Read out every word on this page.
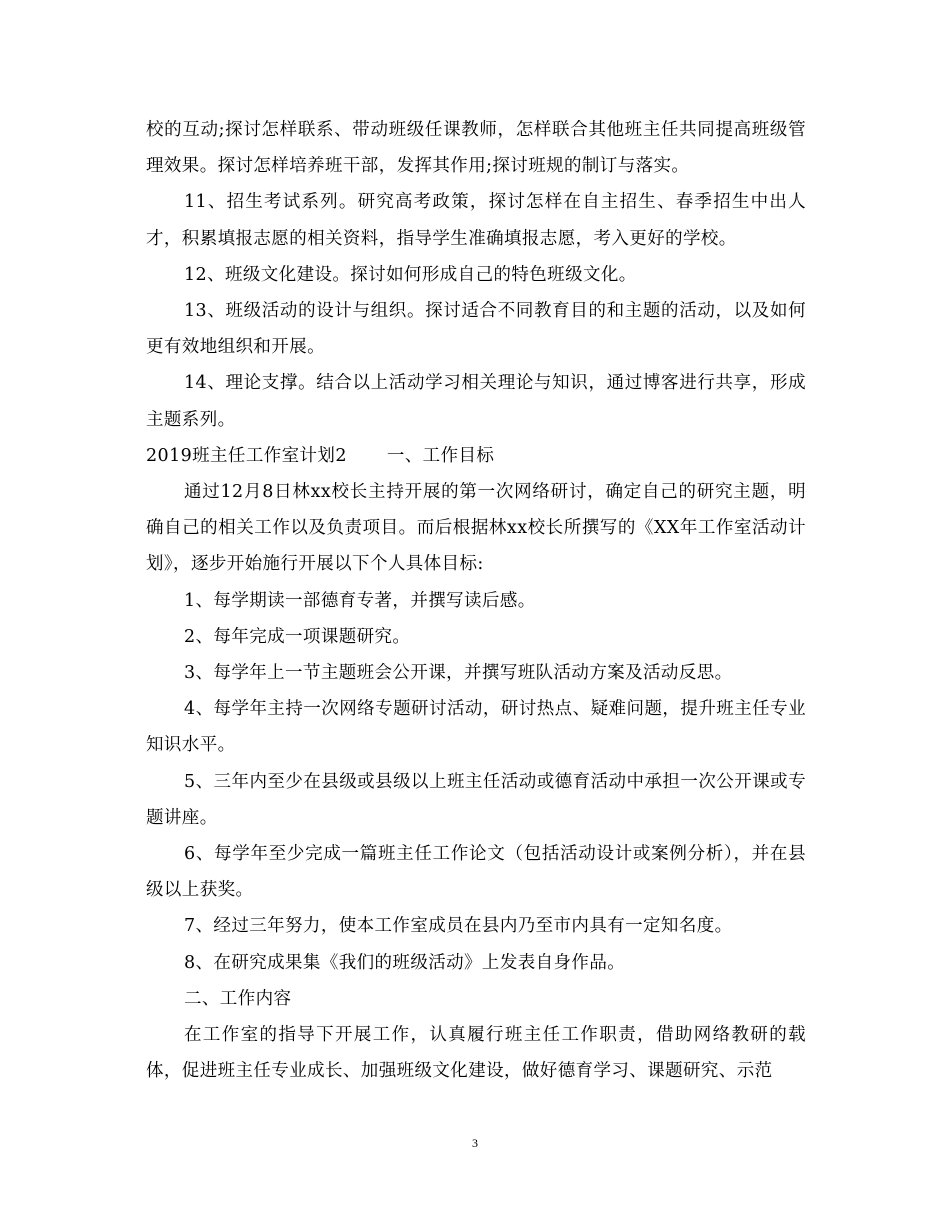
校的互动;探讨怎样联系、带动班级任课教师，怎样联合其他班主任共同提高班级管理效果。探讨怎样培养班干部，发挥其作用;探讨班规的制订与落实。

11、招生考试系列。研究高考政策，探讨怎样在自主招生、春季招生中出人才，积累填报志愿的相关资料，指导学生准确填报志愿，考入更好的学校。

12、班级文化建设。探讨如何形成自己的特色班级文化。

13、班级活动的设计与组织。探讨适合不同教育目的和主题的活动，以及如何更有效地组织和开展。

14、理论支撑。结合以上活动学习相关理论与知识，通过博客进行共享，形成主题系列。

2019班主任工作室计划2 一、工作目标

通过12月8日林xx校长主持开展的第一次网络研讨，确定自己的研究主题，明确自己的相关工作以及负责项目。而后根据林xx校长所撰写的《XX年工作室活动计划》，逐步开始施行开展以下个人具体目标:

1、每学期读一部德育专著，并撰写读后感。

2、每年完成一项课题研究。

3、每学年上一节主题班会公开课，并撰写班队活动方案及活动反思。

4、每学年主持一次网络专题研讨活动，研讨热点、疑难问题，提升班主任专业知识水平。

5、三年内至少在县级或县级以上班主任活动或德育活动中承担一次公开课或专题讲座。

6、每学年至少完成一篇班主任工作论文（包括活动设计或案例分析），并在县级以上获奖。

7、经过三年努力，使本工作室成员在县内乃至市内具有一定知名度。

8、在研究成果集《我们的班级活动》上发表自身作品。

二、工作内容

在工作室的指导下开展工作，认真履行班主任工作职责，借助网络教研的载体，促进班主任专业成长、加强班级文化建设，做好德育学习、课题研究、示范

3
